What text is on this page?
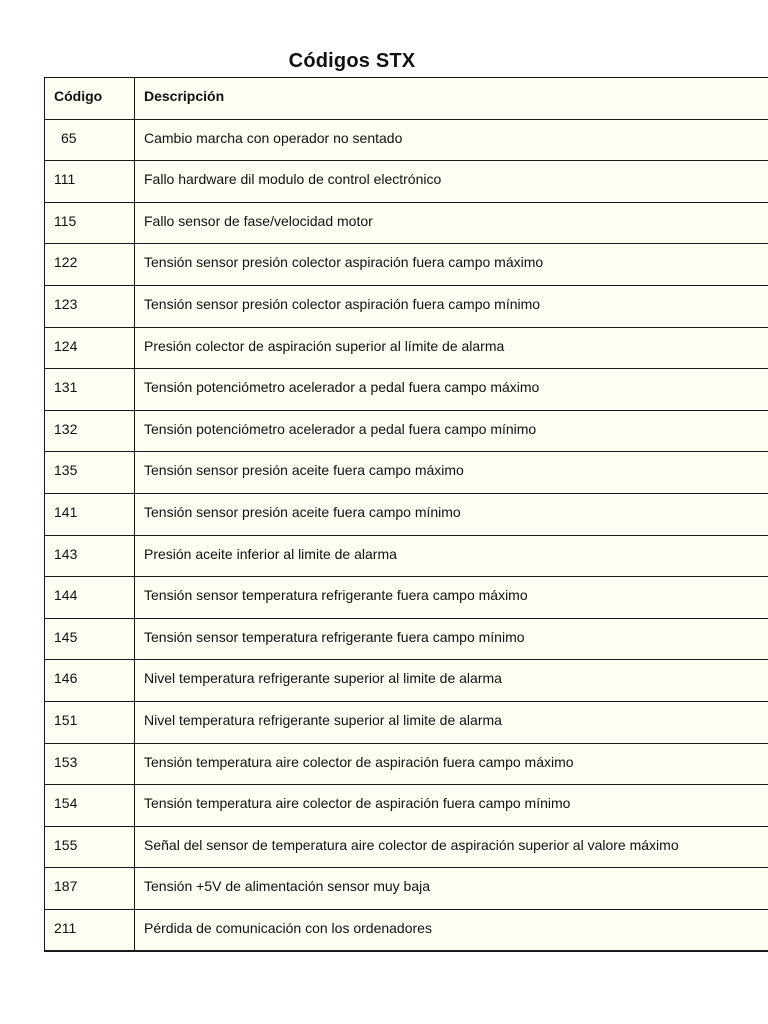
Códigos STX
Código	Descripción
65	Cambio marcha con operador no sentado
111	Fallo hardware dil modulo de control electrónico
115	Fallo sensor de fase/velocidad motor
122	Tensión sensor presión colector aspiración fuera campo máximo
123	Tensión sensor presión colector aspiración fuera campo mínimo
124	Presión colector de aspiración superior al límite de alarma
131	Tensión potenciómetro acelerador a pedal fuera campo máximo
132	Tensión potenciómetro acelerador a pedal fuera campo mínimo
135	Tensión sensor presión aceite fuera campo máximo
141	Tensión sensor presión aceite fuera campo mínimo
143	Presión aceite inferior al limite de alarma
144	Tensión sensor temperatura refrigerante fuera campo máximo
145	Tensión sensor temperatura refrigerante fuera campo mínimo
146	Nivel temperatura refrigerante superior al limite de alarma
151	Nivel temperatura refrigerante superior al limite de alarma
153	Tensión temperatura aire colector de aspiración fuera campo máximo
154	Tensión temperatura aire colector de aspiración fuera campo mínimo
155	Señal del sensor de temperatura aire colector de aspiración superior al valore máximo
187	Tensión +5V de alimentación sensor muy baja
211	Pérdida de comunicación con los ordenadores
